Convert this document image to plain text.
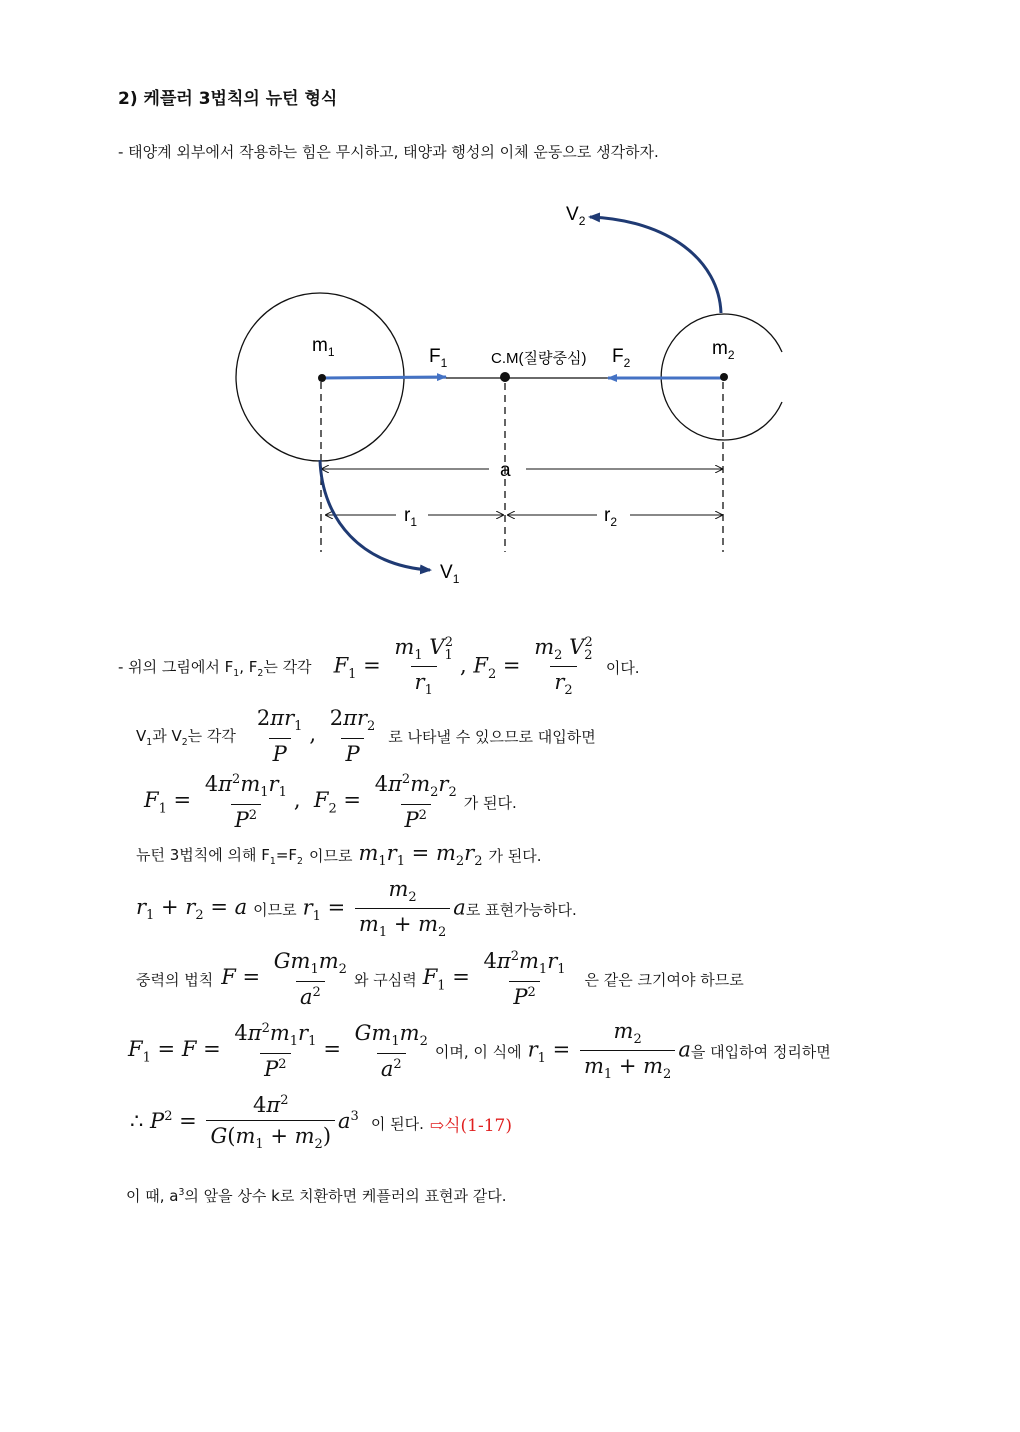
2) 케플러 3법칙의 뉴턴 형식
- 태양계 외부에서 작용하는 힘은 무시하고, 태양과 행성의 이체 운동으로 생각하자.
$m_1$	$m_2$
$F_1$	$F_2$
C.M(질량중심)
a
$r_1$	$r_2$
$V_1$
$V_2$
- 위의 그림에서 $F_1$, $F_2$는 각각 $F_1 = \frac{m_1 V_1^2}{r_1}$ , $F_2 = \frac{m_2 V_2^2}{r_2}$ 이다.
$V_1$과 $V_2$는 각각 $\frac{2\pi r_1}{P}$ , $\frac{2\pi r_2}{P}$ 로 나타낼 수 있으므로 대입하면
$F_1 = \frac{4\pi^2m_1r_1}{P^2}$ ,  $F_2 = \frac{4\pi^2m_2r_2}{P^2}$ 가 된다.
뉴턴 3법칙에 의해 $F_1=F_2$ 이므로 $m_1r_1 = m_2r_2$ 가 된다.
$r_1 + r_2 = a$ 이므로 $r_1 = \frac{m_2}{m_1 + m_2}$ a 로 표현가능하다.
중력의 법칙 $F = \frac{Gm_1m_2}{a^2}$ 와 구심력 $F_1 = \frac{4\pi^2m_1r_1}{P^2}$ 은 같은 크기여야 하므로
$F_1 = F = \frac{4\pi^2m_1r_1}{P^2} = \frac{Gm_1m_2}{a^2}$ 이며, 이 식에 $r_1 = \frac{m_2}{m_1 + m_2}$ a 을 대입하여 정리하면
∴ $P^2 = \frac{4\pi^2}{G(m_1 + m_2)} a^3$ 이 된다. ⇨식(1-17)
이 때, $a^3$의 앞을 상수 k로 치환하면 케플러의 표현과 같다.
